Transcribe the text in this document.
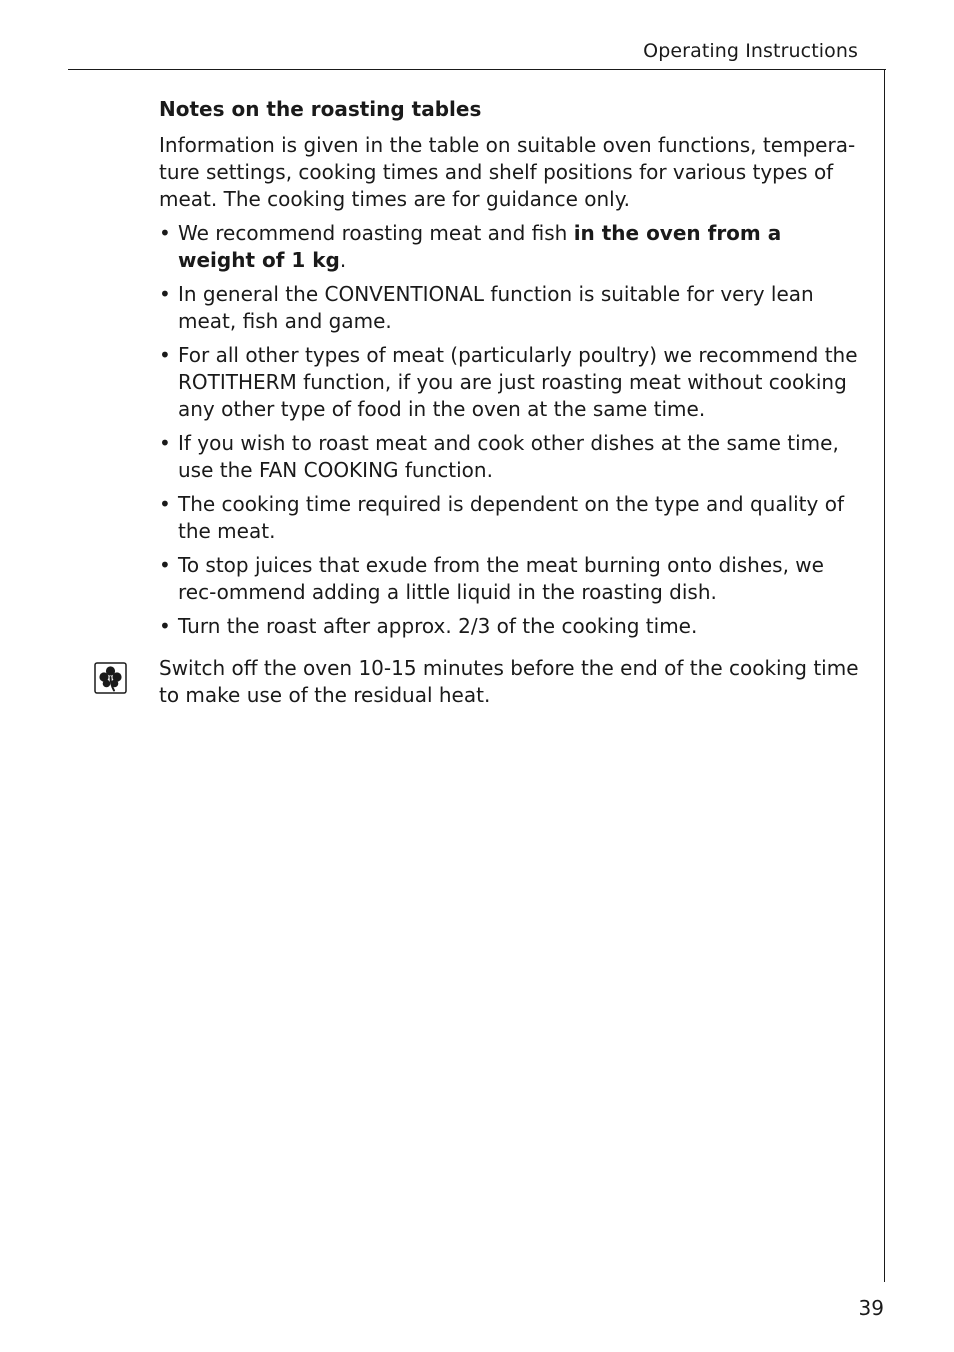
Operating Instructions

Notes on the roasting tables

Information is given in the table on suitable oven functions, tempera-ture settings, cooking times and shelf positions for various types of meat. The cooking times are for guidance only.

• We recommend roasting meat and fish in the oven from a weight of 1 kg.
• In general the CONVENTIONAL function is suitable for very lean meat, fish and game.
• For all other types of meat (particularly poultry) we recommend the ROTITHERM function, if you are just roasting meat without cooking any other type of food in the oven at the same time.
• If you wish to roast meat and cook other dishes at the same time, use the FAN COOKING function.
• The cooking time required is dependent on the type and quality of the meat.
• To stop juices that exude from the meat burning onto dishes, we rec-ommend adding a little liquid in the roasting dish.
• Turn the roast after approx. 2/3 of the cooking time.

Switch off the oven 10-15 minutes before the end of the cooking time to make use of the residual heat.

39
